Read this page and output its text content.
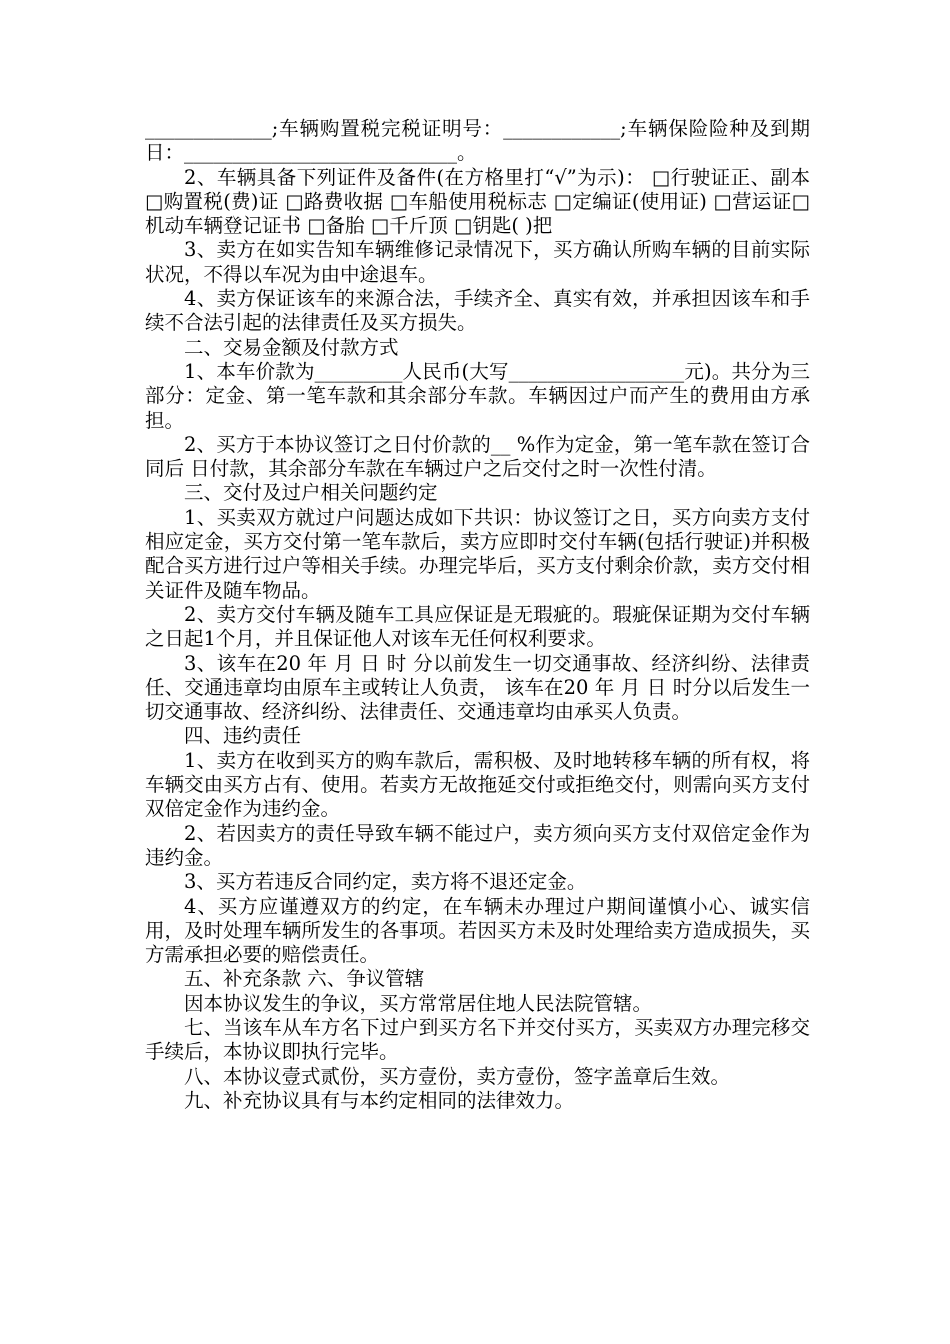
_____________;车辆购置税完税证明号：____________;车辆保险险种及到期日：____________________________。

2、车辆具备下列证件及备件(在方格里打“√”为示)： □行驶证正、副本 □购置税(费)证 □路费收据 □车船使用税标志 □定编证(使用证) □营运证□机动车辆登记证书 □备胎 □千斤顶 □钥匙( )把

3、卖方在如实告知车辆维修记录情况下，买方确认所购车辆的目前实际状况，不得以车况为由中途退车。

4、卖方保证该车的来源合法，手续齐全、真实有效，并承担因该车和手续不合法引起的法律责任及买方损失。

二、交易金额及付款方式

1、本车价款为_________人民币(大写__________________元)。共分为三部分：定金、第一笔车款和其余部分车款。车辆因过户而产生的费用由方承担。

2、买方于本协议签订之日付价款的__ %作为定金，第一笔车款在签订合同后 日付款，其余部分车款在车辆过户之后交付之时一次性付清。

三、交付及过户相关问题约定

1、买卖双方就过户问题达成如下共识：协议签订之日，买方向卖方支付相应定金，买方交付第一笔车款后，卖方应即时交付车辆(包括行驶证)并积极配合买方进行过户等相关手续。办理完毕后，买方支付剩余价款，卖方交付相关证件及随车物品。

2、卖方交付车辆及随车工具应保证是无瑕疵的。瑕疵保证期为交付车辆之日起1个月，并且保证他人对该车无任何权利要求。

3、该车在20 年 月 日 时 分以前发生一切交通事故、经济纠纷、法律责任、交通违章均由原车主或转让人负责， 该车在20 年 月 日 时分以后发生一切交通事故、经济纠纷、法律责任、交通违章均由承买人负责。

四、违约责任

1、卖方在收到买方的购车款后，需积极、及时地转移车辆的所有权，将车辆交由买方占有、使用。若卖方无故拖延交付或拒绝交付，则需向买方支付双倍定金作为违约金。

2、若因卖方的责任导致车辆不能过户，卖方须向买方支付双倍定金作为违约金。

3、买方若违反合同约定，卖方将不退还定金。

4、买方应谨遵双方的约定，在车辆未办理过户期间谨慎小心、诚实信用，及时处理车辆所发生的各事项。若因买方未及时处理给卖方造成损失，买方需承担必要的赔偿责任。

五、补充条款 六、争议管辖

因本协议发生的争议，买方常常居住地人民法院管辖。

七、当该车从车方名下过户到买方名下并交付买方，买卖双方办理完移交手续后，本协议即执行完毕。

八、本协议壹式贰份，买方壹份，卖方壹份，签字盖章后生效。

九、补充协议具有与本约定相同的法律效力。
